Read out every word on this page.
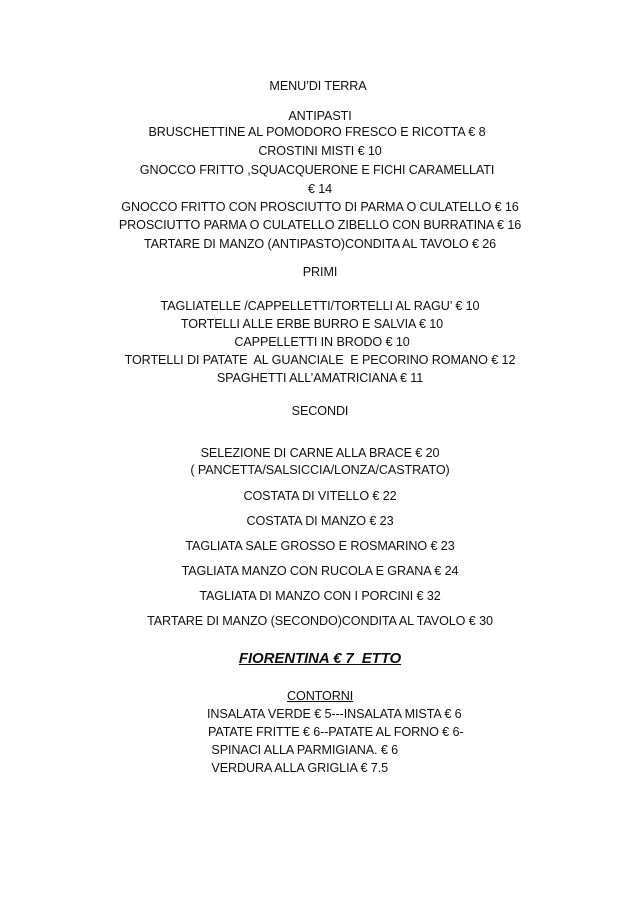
MENU’DI TERRA
ANTIPASTI
BRUSCHETTINE AL POMODORO FRESCO E RICOTTA € 8
CROSTINI MISTI € 10
GNOCCO FRITTO ,SQUACQUERONE E FICHI CARAMELLATI
€ 14
GNOCCO FRITTO CON PROSCIUTTO DI PARMA O CULATELLO € 16
PROSCIUTTO PARMA O CULATELLO ZIBELLO CON BURRATINA € 16
TARTARE DI MANZO (ANTIPASTO)CONDITA AL TAVOLO € 26
PRIMI
TAGLIATELLE /CAPPELLETTI/TORTELLI AL RAGU’ € 10
TORTELLI ALLE ERBE BURRO E SALVIA € 10
CAPPELLETTI IN BRODO € 10
TORTELLI DI PATATE  AL GUANCIALE  E PECORINO ROMANO € 12
SPAGHETTI ALL’AMATRICIANA € 11
SECONDI
SELEZIONE DI CARNE ALLA BRACE € 20
( PANCETTA/SALSICCIA/LONZA/CASTRATO)
COSTATA DI VITELLO € 22
COSTATA DI MANZO € 23
TAGLIATA SALE GROSSO E ROSMARINO € 23
TAGLIATA MANZO CON RUCOLA E GRANA € 24
TAGLIATA DI MANZO CON I PORCINI € 32
TARTARE DI MANZO (SECONDO)CONDITA AL TAVOLO € 30
FIORENTINA € 7  ETTO
CONTORNI
INSALATA VERDE € 5---INSALATA MISTA € 6
PATATE FRITTE € 6--PATATE AL FORNO € 6-
SPINACI ALLA PARMIGIANA. € 6
VERDURA ALLA GRIGLIA € 7.5
